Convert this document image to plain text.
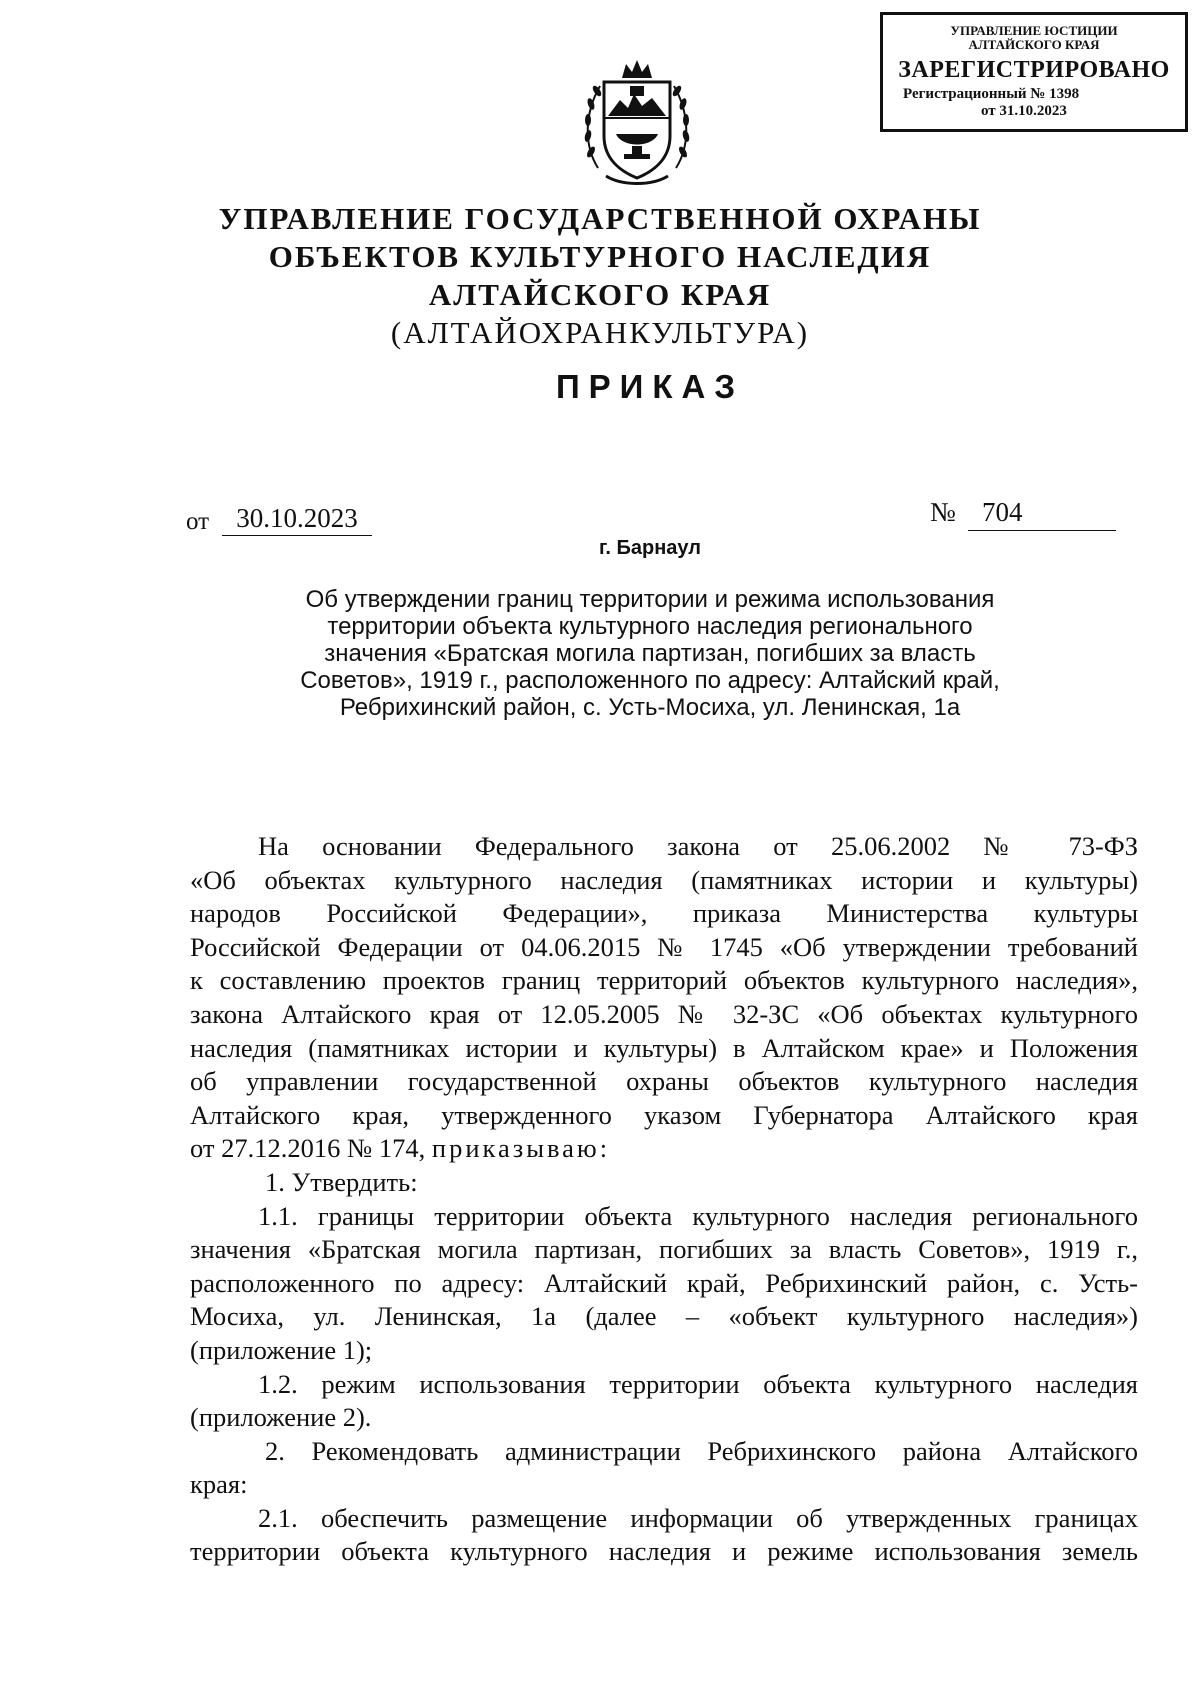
УПРАВЛЕНИЕ ЮСТИЦИИ
АЛТАЙСКОГО КРАЯ
ЗАРЕГИСТРИРОВАНО
Регистрационный № 1398
от 31.10.2023
УПРАВЛЕНИЕ ГОСУДАРСТВЕННОЙ ОХРАНЫ
ОБЪЕКТОВ КУЛЬТУРНОГО НАСЛЕДИЯ
АЛТАЙСКОГО КРАЯ
(АЛТАЙОХРАНКУЛЬТУРА)
ПРИКАЗ
от	30.10.2023	№ 704
г. Барнаул
Об утверждении границ территории и режима использования
территории объекта культурного наследия регионального
значения «Братская могила партизан, погибших за власть
Советов», 1919 г., расположенного по адресу: Алтайский край,
Ребрихинский район, с. Усть-Мосиха, ул. Ленинская, 1а
На основании Федерального закона от 25.06.2002 № 73-ФЗ
«Об объектах культурного наследия (памятниках истории и культуры)
народов Российской Федерации», приказа Министерства культуры
Российской Федерации от 04.06.2015 № 1745 «Об утверждении требований
к составлению проектов границ территорий объектов культурного наследия»,
закона Алтайского края от 12.05.2005 № 32-ЗС «Об объектах культурного
наследия (памятниках истории и культуры) в Алтайском крае» и Положения
об управлении государственной охраны объектов культурного наследия
Алтайского края, утвержденного указом Губернатора Алтайского края
от 27.12.2016 № 174, приказываю:
1. Утвердить:
1.1. границы территории объекта культурного наследия регионального
значения «Братская могила партизан, погибших за власть Советов», 1919 г.,
расположенного по адресу: Алтайский край, Ребрихинский район, с. Усть-
Мосиха, ул. Ленинская, 1а (далее – «объект культурного наследия»)
(приложение 1);
1.2. режим использования территории объекта культурного наследия
(приложение 2).
2. Рекомендовать администрации Ребрихинского района Алтайского
края:
2.1. обеспечить размещение информации об утвержденных границах
территории объекта культурного наследия и режиме использования земель
